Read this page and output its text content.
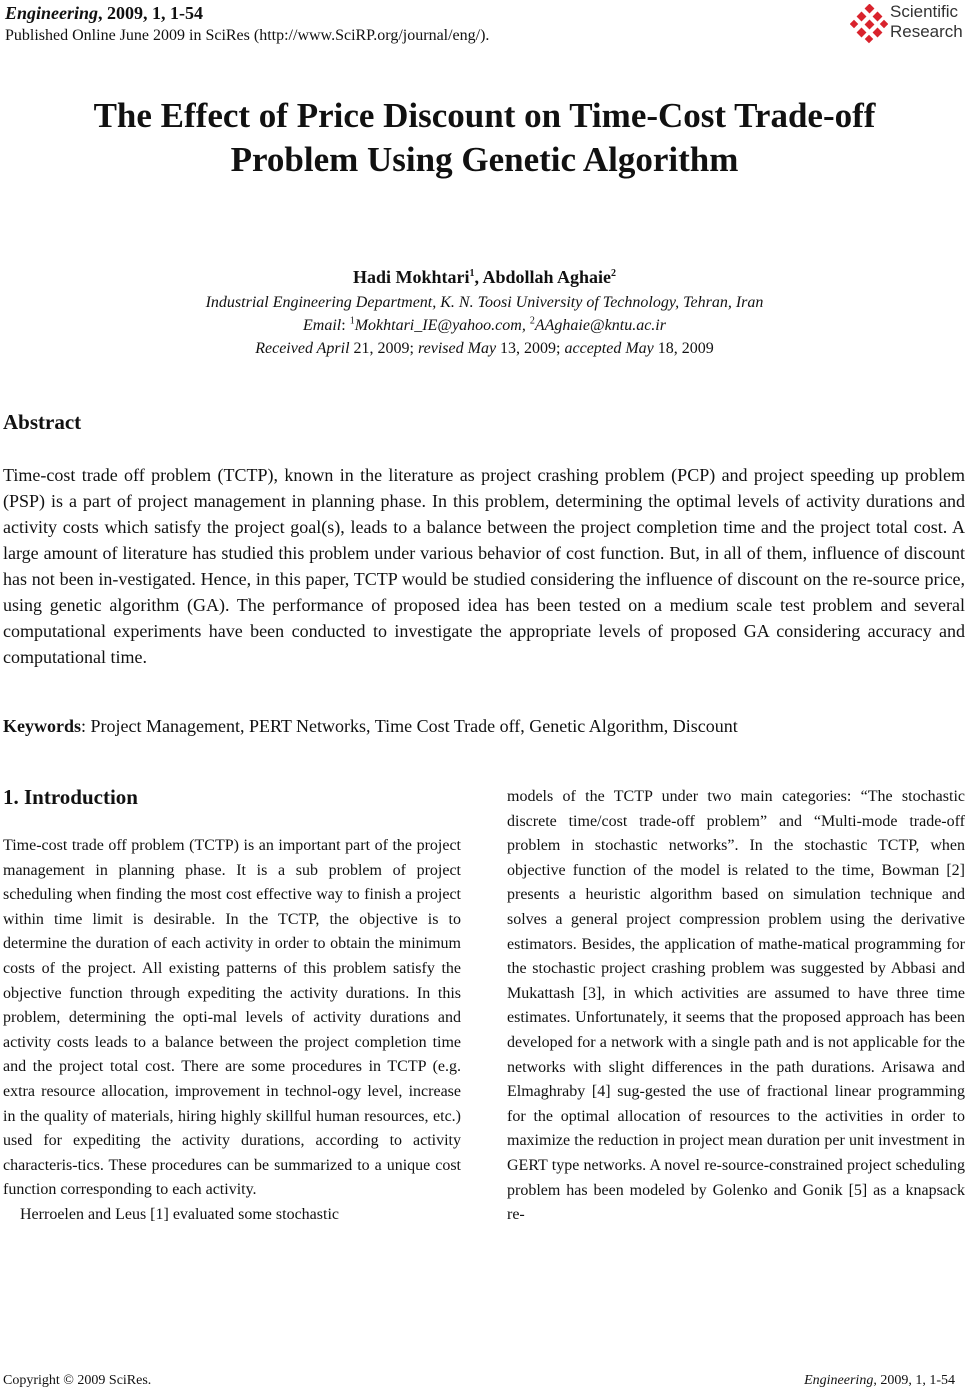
Engineering, 2009, 1, 1-54
Published Online June 2009 in SciRes (http://www.SciRP.org/journal/eng/).
Scientific
Research
The Effect of Price Discount on Time-Cost Trade-off
Problem Using Genetic Algorithm
Hadi Mokhtari$^1$, Abdollah Aghaie$^2$
Industrial Engineering Department, K. N. Toosi University of Technology, Tehran, Iran
Email: $^1$Mokhtari_IE@yahoo.com, $^2$AAghaie@kntu.ac.ir
Received April 21, 2009; revised May 13, 2009; accepted May 18, 2009
Abstract
Time-cost trade off problem (TCTP), known in the literature as project crashing problem (PCP) and project speeding up problem (PSP) is a part of project management in planning phase. In this problem, determining the optimal levels of activity durations and activity costs which satisfy the project goal(s), leads to a balance between the project completion time and the project total cost. A large amount of literature has studied this problem under various behavior of cost function. But, in all of them, influence of discount has not been in-vestigated. Hence, in this paper, TCTP would be studied considering the influence of discount on the re-source price, using genetic algorithm (GA). The performance of proposed idea has been tested on a medium scale test problem and several computational experiments have been conducted to investigate the appropriate levels of proposed GA considering accuracy and computational time.
Keywords: Project Management, PERT Networks, Time Cost Trade off, Genetic Algorithm, Discount
1. Introduction

Time-cost trade off problem (TCTP) is an important part of the project management in planning phase. It is a sub problem of project scheduling when finding the most cost effective way to finish a project within time limit is desirable. In the TCTP, the objective is to determine the duration of each activity in order to obtain the minimum costs of the project. All existing patterns of this problem satisfy the objective function through expediting the activity durations. In this problem, determining the opti-mal levels of activity durations and activity costs leads to a balance between the project completion time and the project total cost. There are some procedures in TCTP (e.g. extra resource allocation, improvement in technol-ogy level, increase in the quality of materials, hiring highly skillful human resources, etc.) used for expediting the activity durations, according to activity characteris-tics. These procedures can be summarized to a unique cost function corresponding to each activity.

Herroelen and Leus [1] evaluated some stochastic

models of the TCTP under two main categories: “The stochastic discrete time/cost trade-off problem” and “Multi-mode trade-off problem in stochastic networks”. In the stochastic TCTP, when objective function of the model is related to the time, Bowman [2] presents a heuristic algorithm based on simulation technique and solves a general project compression problem using the derivative estimators. Besides, the application of mathe-matical programming for the stochastic project crashing problem was suggested by Abbasi and Mukattash [3], in which activities are assumed to have three time estimates. Unfortunately, it seems that the proposed approach has been developed for a network with a single path and is not applicable for the networks with slight differences in the path durations. Arisawa and Elmaghraby [4] sug-gested the use of fractional linear programming for the optimal allocation of resources to the activities in order to maximize the reduction in project mean duration per unit investment in GERT type networks. A novel re-source-constrained project scheduling problem has been modeled by Golenko and Gonik [5] as a knapsack re-

Copyright © 2009 SciRes.	Engineering, 2009, 1, 1-54
